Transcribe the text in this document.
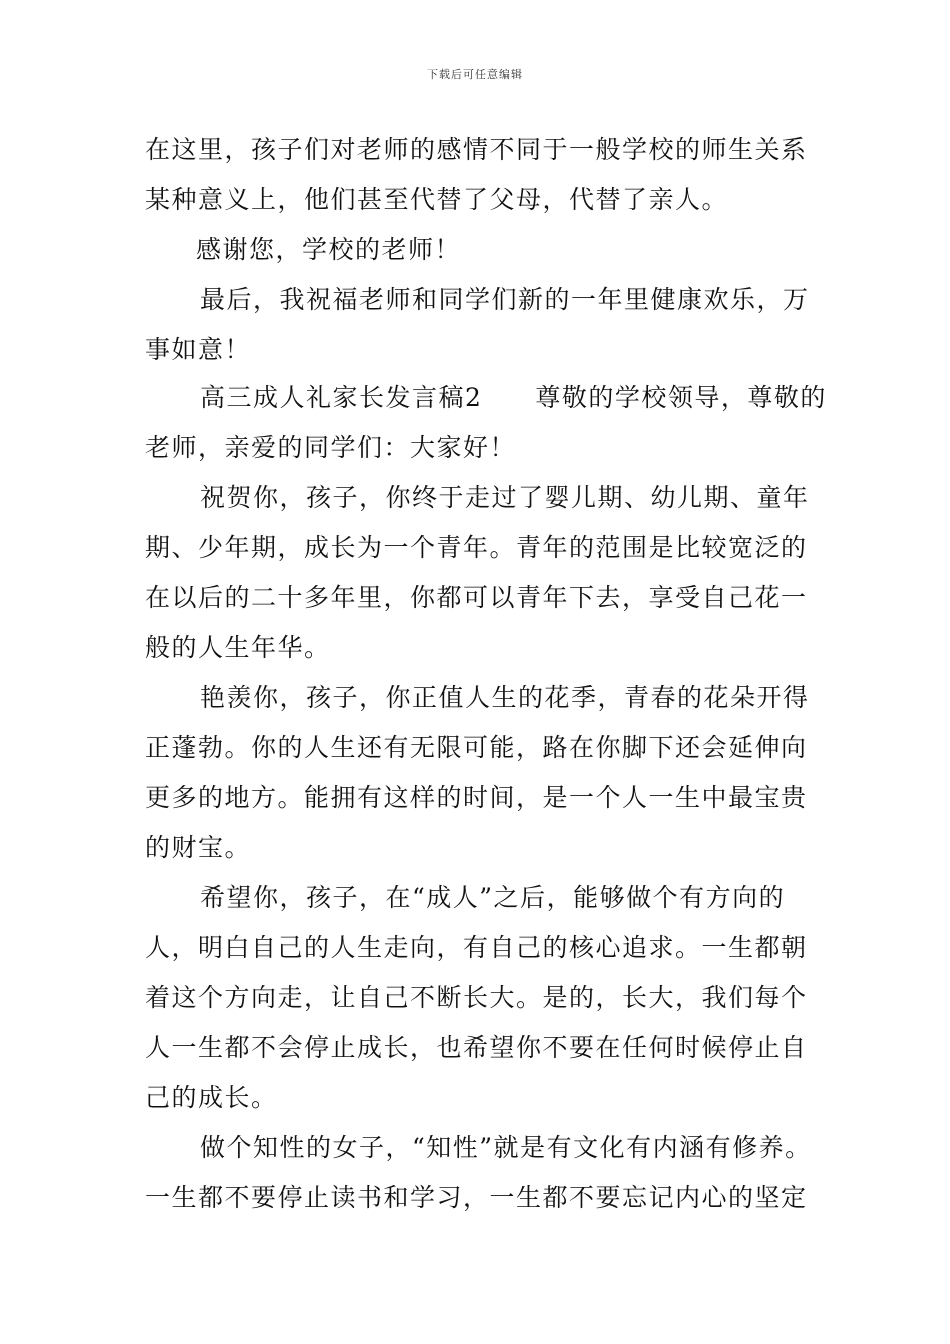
下载后可任意编辑
在这里，孩子们对老师的感情不同于一般学校的师生关系
某种意义上，他们甚至代替了父母，代替了亲人。
感谢您，学校的老师！
最后，我祝福老师和同学们新的一年里健康欢乐，万
事如意！
高三成人礼家长发言稿2　　尊敬的学校领导，尊敬的
老师，亲爱的同学们：大家好！
祝贺你，孩子，你终于走过了婴儿期、幼儿期、童年
期、少年期，成长为一个青年。青年的范围是比较宽泛的
在以后的二十多年里，你都可以青年下去，享受自己花一
般的人生年华。
艳羡你，孩子，你正值人生的花季，青春的花朵开得
正蓬勃。你的人生还有无限可能，路在你脚下还会延伸向
更多的地方。能拥有这样的时间，是一个人一生中最宝贵
的财宝。
希望你，孩子，在“成人”之后，能够做个有方向的
人，明白自己的人生走向，有自己的核心追求。一生都朝
着这个方向走，让自己不断长大。是的，长大，我们每个
人一生都不会停止成长，也希望你不要在任何时候停止自
己的成长。
做个知性的女子，“知性”就是有文化有内涵有修养。
一生都不要停止读书和学习，一生都不要忘记内心的坚定
